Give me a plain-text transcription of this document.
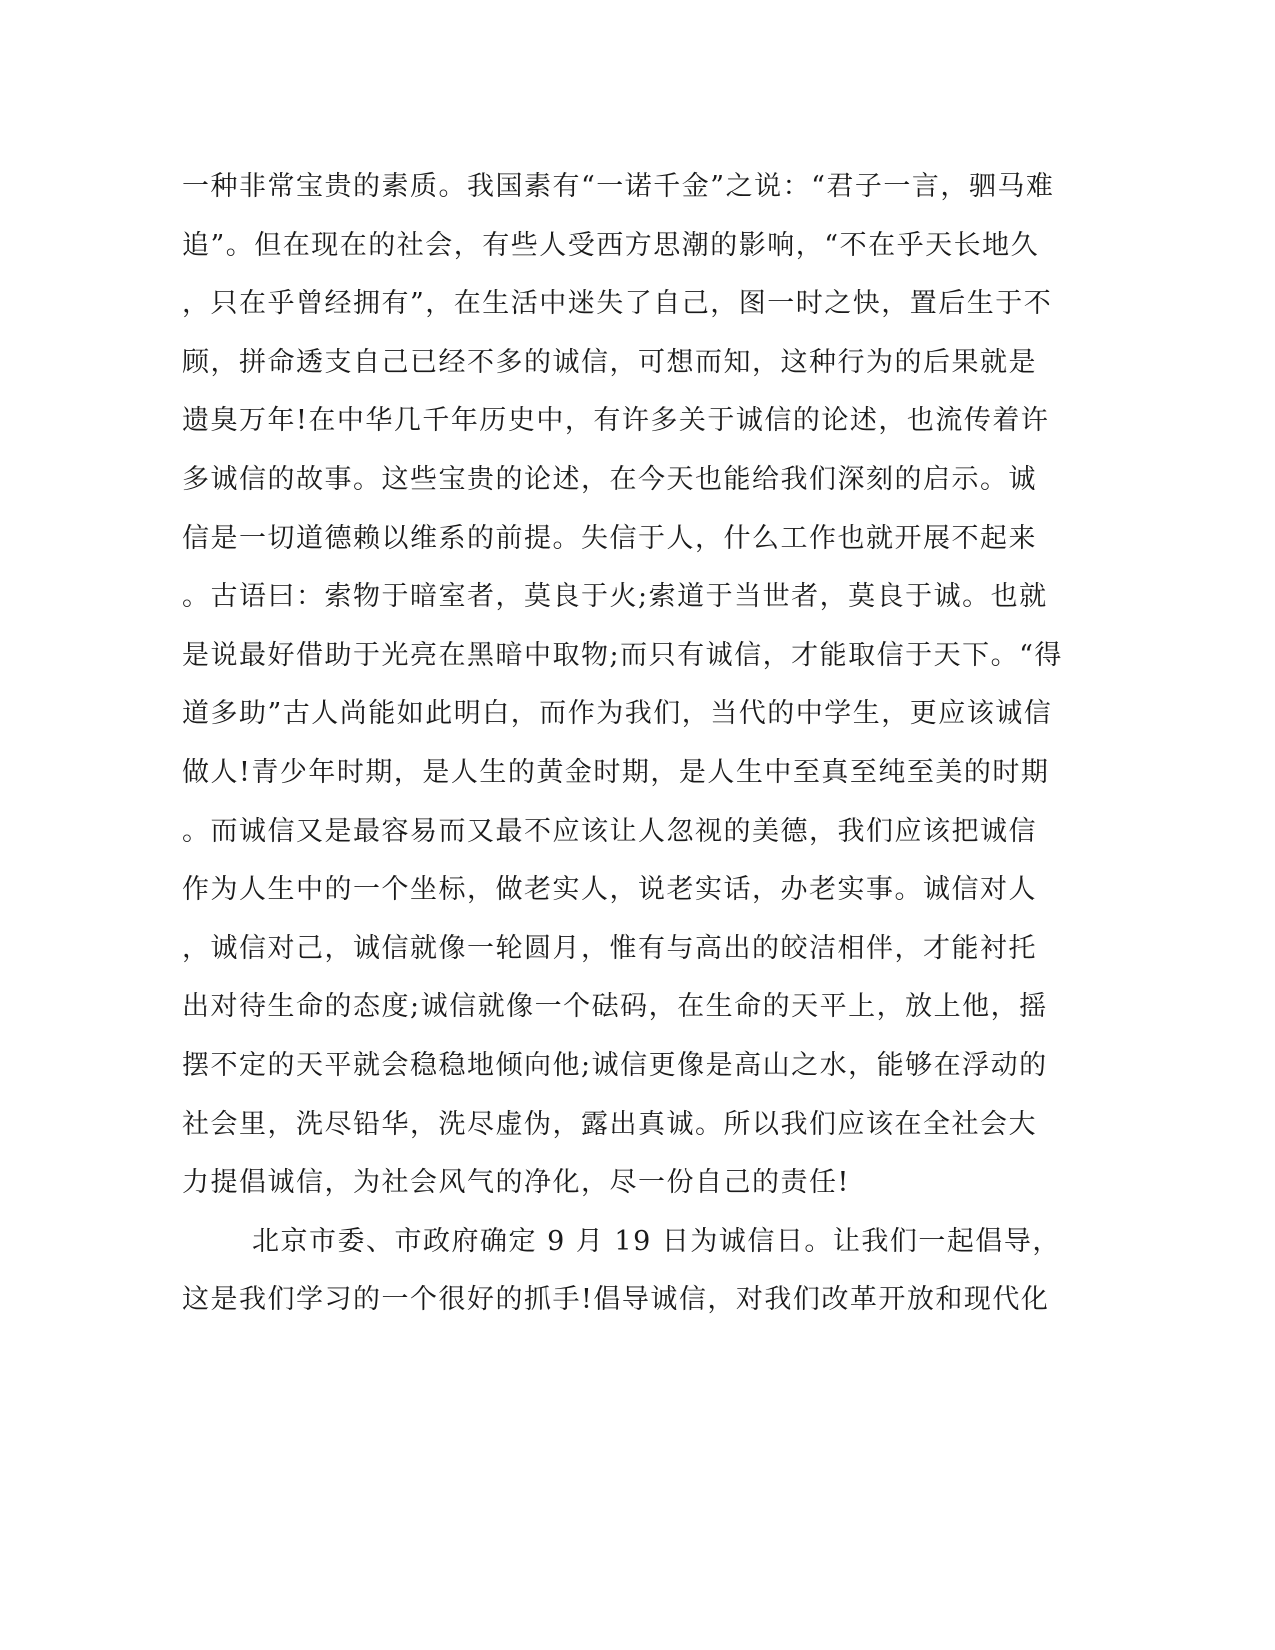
一种非常宝贵的素质。我国素有“一诺千金”之说：“君子一言，驷马难
追”。但在现在的社会，有些人受西方思潮的影响，“不在乎天长地久
，只在乎曾经拥有”，在生活中迷失了自己，图一时之快，置后生于不
顾，拼命透支自己已经不多的诚信，可想而知，这种行为的后果就是
遗臭万年!在中华几千年历史中，有许多关于诚信的论述，也流传着许
多诚信的故事。这些宝贵的论述，在今天也能给我们深刻的启示。诚
信是一切道德赖以维系的前提。失信于人，什么工作也就开展不起来
。古语曰：索物于暗室者，莫良于火;索道于当世者，莫良于诚。也就
是说最好借助于光亮在黑暗中取物;而只有诚信，才能取信于天下。“得
道多助”古人尚能如此明白，而作为我们，当代的中学生，更应该诚信
做人!青少年时期，是人生的黄金时期，是人生中至真至纯至美的时期
。而诚信又是最容易而又最不应该让人忽视的美德，我们应该把诚信
作为人生中的一个坐标，做老实人，说老实话，办老实事。诚信对人
，诚信对己，诚信就像一轮圆月，惟有与高出的皎洁相伴，才能衬托
出对待生命的态度;诚信就像一个砝码，在生命的天平上，放上他，摇
摆不定的天平就会稳稳地倾向他;诚信更像是高山之水，能够在浮动的
社会里，洗尽铅华，洗尽虚伪，露出真诚。所以我们应该在全社会大
力提倡诚信，为社会风气的净化，尽一份自己的责任!
北京市委、市政府确定 9 月 19 日为诚信日。让我们一起倡导，
这是我们学习的一个很好的抓手!倡导诚信，对我们改革开放和现代化
